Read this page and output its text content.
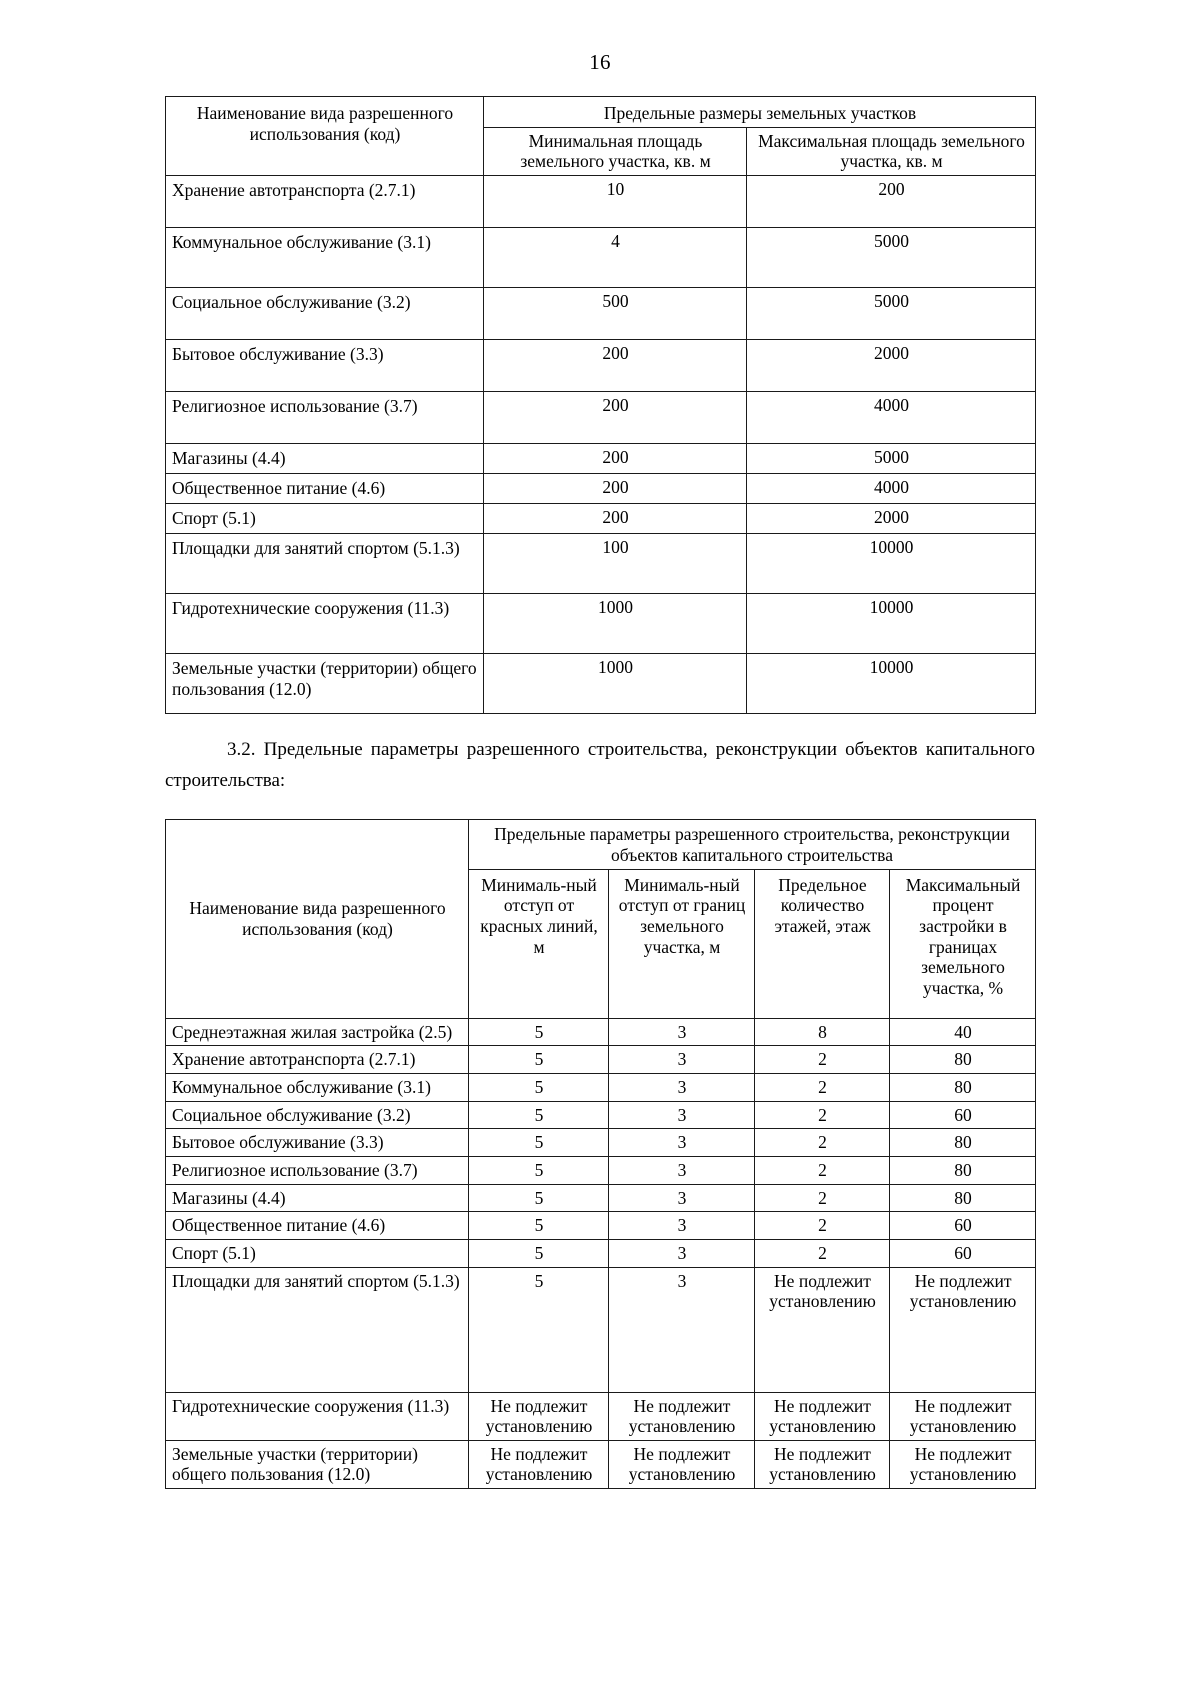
16
Наименование вида разрешенного использования (код)	Предельные размеры земельных участков	
	Минимальная площадь земельного участка, кв. м	Максимальная площадь земельного участка, кв. м
Хранение автотранспорта (2.7.1)	10	200
Коммунальное обслуживание (3.1)	4	5000
Социальное обслуживание (3.2)	500	5000
Бытовое обслуживание (3.3)	200	2000
Религиозное использование (3.7)	200	4000
Магазины (4.4)	200	5000
Общественное питание (4.6)	200	4000
Спорт (5.1)	200	2000
Площадки для занятий спортом (5.1.3)	100	10000
Гидротехнические сооружения (11.3)	1000	10000
Земельные участки (территории) общего пользования (12.0)	1000	10000

3.2. Предельные параметры разрешенного строительства, реконструкции объектов капитального строительства:

Наименование вида разрешенного использования (код)	Предельные параметры разрешенного строительства, реконструкции объектов капитального строительства			
	Минималь-ный отступ от красных линий, м	Минималь-ный отступ от границ земельного участка, м	Предельное количество этажей, этаж	Максимальный процент застройки в границах земельного участка, %
Среднеэтажная жилая застройка (2.5)	5	3	8	40
Хранение автотранспорта (2.7.1)	5	3	2	80
Коммунальное обслуживание (3.1)	5	3	2	80
Социальное обслуживание (3.2)	5	3	2	60
Бытовое обслуживание (3.3)	5	3	2	80
Религиозное использование (3.7)	5	3	2	80
Магазины (4.4)	5	3	2	80
Общественное питание (4.6)	5	3	2	60
Спорт (5.1)	5	3	2	60
Площадки для занятий спортом (5.1.3)	5	3	Не подлежит установлению	Не подлежит установлению
Гидротехнические сооружения (11.3)	Не подлежит установлению	Не подлежит установлению	Не подлежит установлению	Не подлежит установлению
Земельные участки (территории) общего пользования (12.0)	Не подлежит установлению	Не подлежит установлению	Не подлежит установлению	Не подлежит установлению
